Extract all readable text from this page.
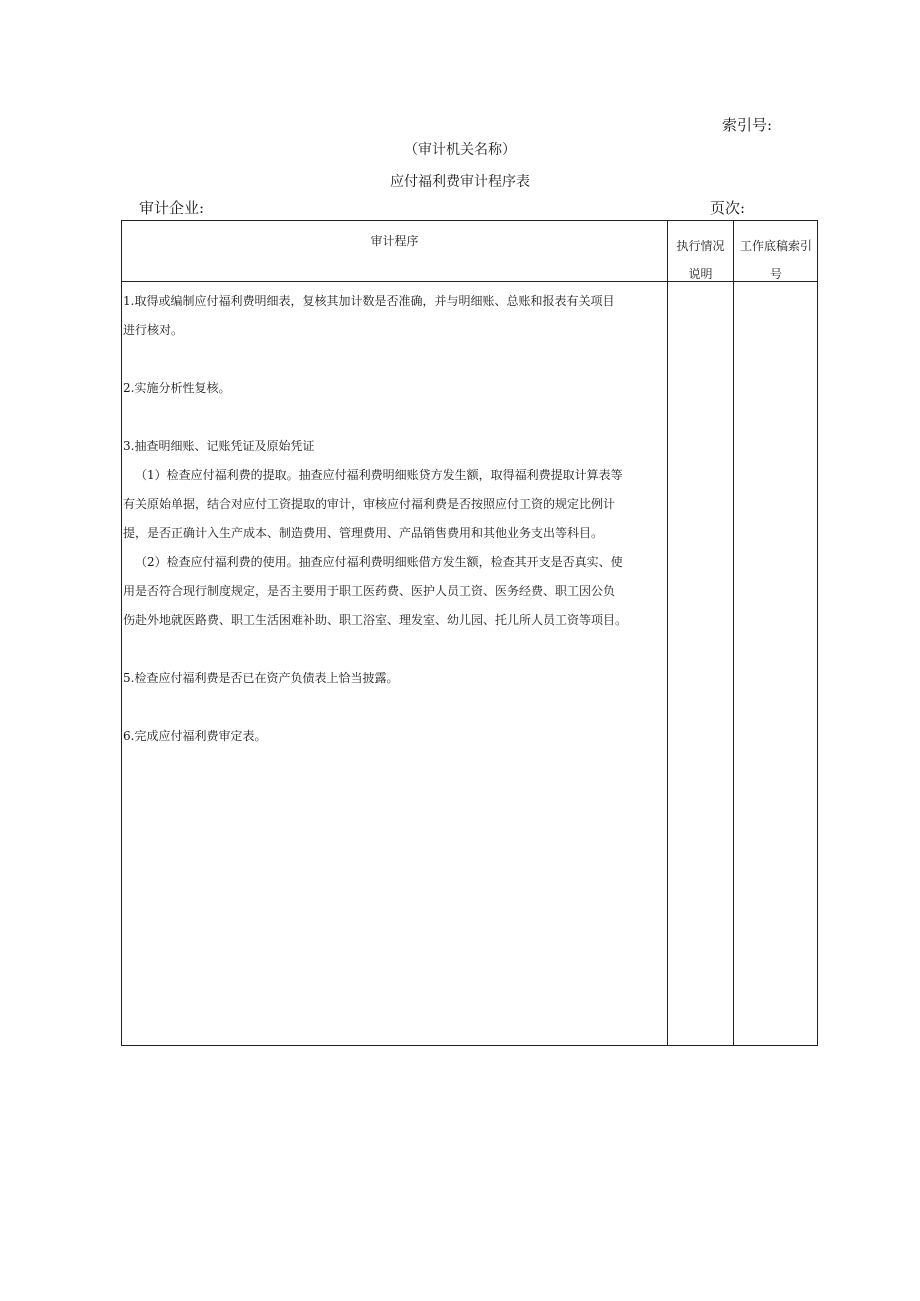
索引号:
（审计机关名称）
应付福利费审计程序表
审计企业:	页次:
审计程序	执行情况
说明
工作底稿索引
号

1.取得或编制应付福利费明细表，复核其加计数是否准确，并与明细账、总账和报表有关项目

进行核对。

2.实施分析性复核。

3.抽查明细账、记账凭证及原始凭证

（1）检查应付福利费的提取。抽查应付福利费明细账贷方发生额，取得福利费提取计算表等

有关原始单据，结合对应付工资提取的审计，审核应付福利费是否按照应付工资的规定比例计

提，是否正确计入生产成本、制造费用、管理费用、产品销售费用和其他业务支出等科目。

（2）检查应付福利费的使用。抽查应付福利费明细账借方发生额，检查其开支是否真实、使

用是否符合现行制度规定，是否主要用于职工医药费、医护人员工资、医务经费、职工因公负

伤赴外地就医路费、职工生活困难补助、职工浴室、理发室、幼儿园、托儿所人员工资等项目。

5.检查应付福利费是否已在资产负债表上恰当披露。

6.完成应付福利费审定表。
